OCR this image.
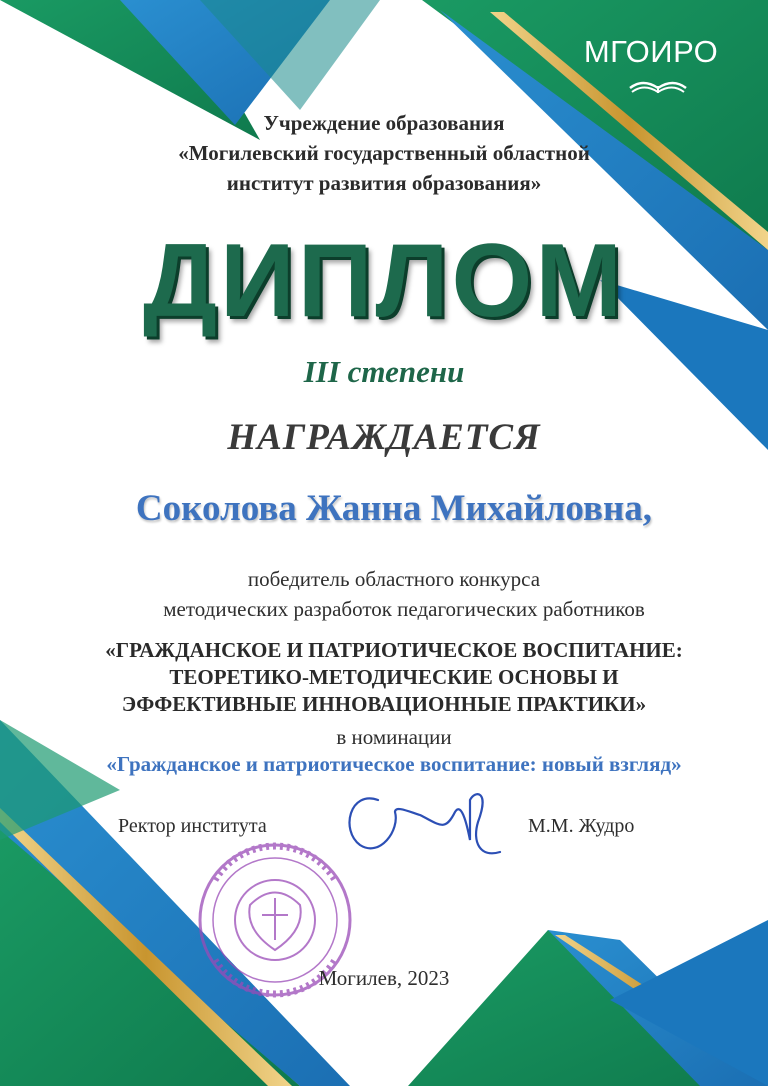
МГОИРО

Учреждение образования

«Могилевский государственный областной

институт развития образования»

ДИПЛОМ

III степени

НАГРАЖДАЕТСЯ

Соколова Жанна Михайловна,

победитель областного конкурса

методических разработок педагогических работников

«ГРАЖДАНСКОЕ И ПАТРИОТИЧЕСКОЕ ВОСПИТАНИЕ:

ТЕОРЕТИКО-МЕТОДИЧЕСКИЕ ОСНОВЫ И

ЭФФЕКТИВНЫЕ ИННОВАЦИОННЫЕ ПРАКТИКИ»

в номинации

«Гражданское и патриотическое воспитание: новый взгляд»

Ректор института	М.М. Жудро

Могилев, 2023
